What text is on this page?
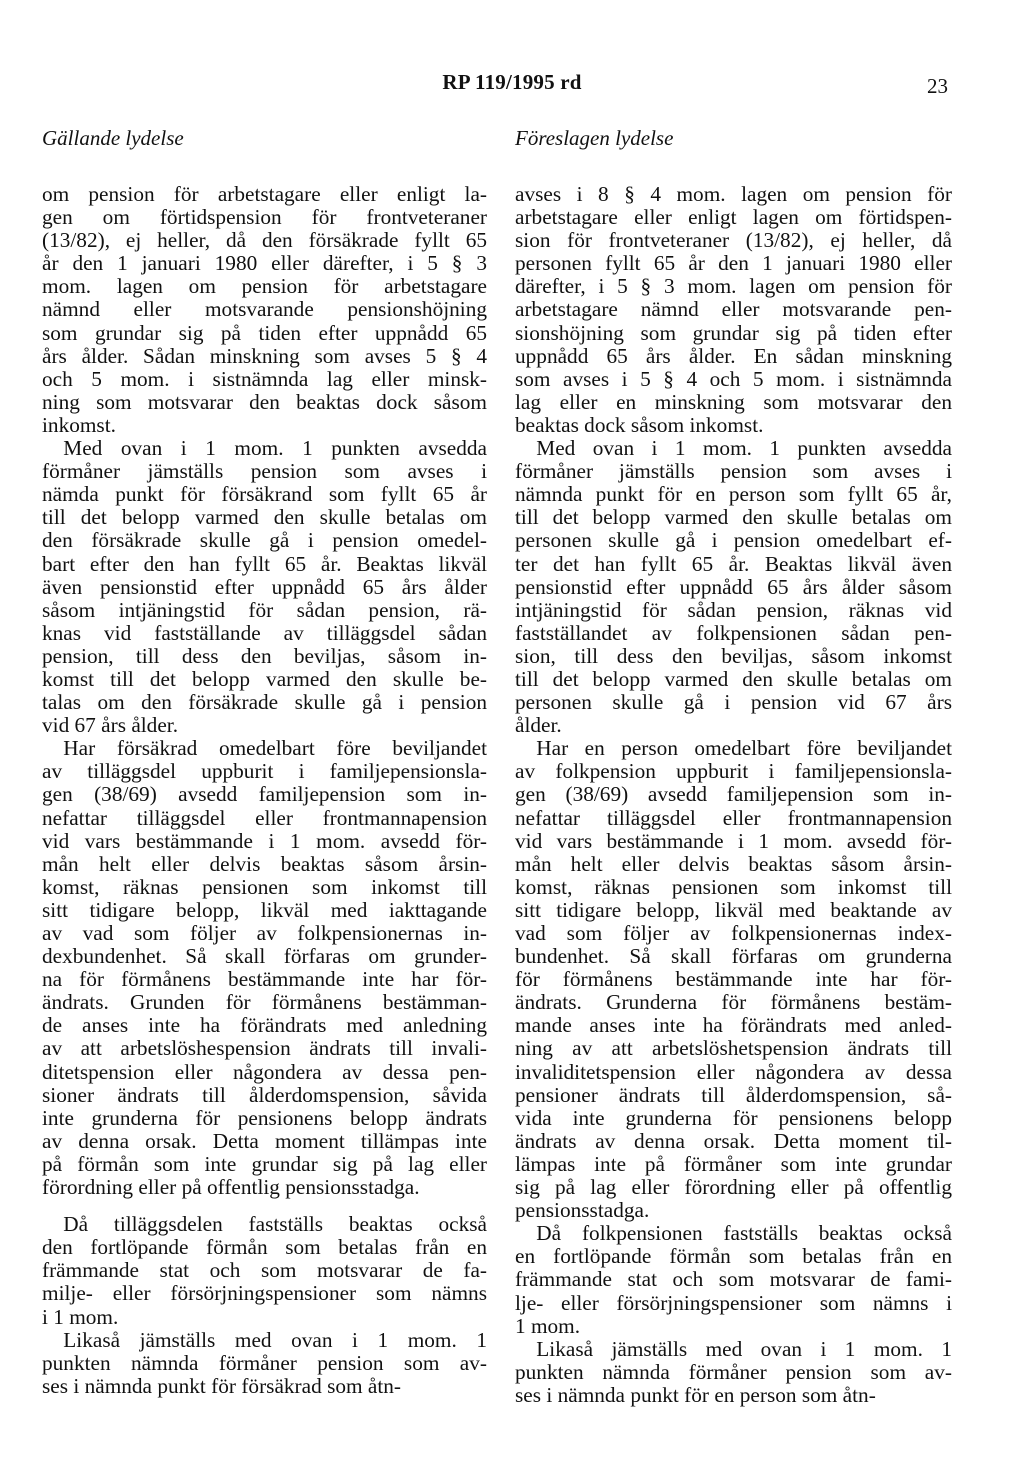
RP 119/1995 rd	23
Gällande lydelse	Föreslagen lydelse
om pension för arbetstagare eller enligt la-
gen om förtidspension för frontveteraner
(13/82), ej heller, då den försäkrade fyllt 65
år den 1 januari 1980 eller därefter, i 5 § 3
mom. lagen om pension för arbetstagare
nämnd eller motsvarande pensionshöjning
som grundar sig på tiden efter uppnådd 65
års ålder. Sådan minskning som avses 5 § 4
och 5 mom. i sistnämnda lag eller minsk-
ning som motsvarar den beaktas dock såsom
inkomst.
 Med ovan i 1 mom. 1 punkten avsedda
förmåner jämställs pension som avses i
nämda punkt för försäkrand som fyllt 65 år
till det belopp varmed den skulle betalas om
den försäkrade skulle gå i pension omedel-
bart efter den han fyllt 65 år. Beaktas likväl
även pensionstid efter uppnådd 65 års ålder
såsom intjäningstid för sådan pension, rä-
knas vid fastställande av tilläggsdel sådan
pension, till dess den beviljas, såsom in-
komst till det belopp varmed den skulle be-
talas om den försäkrade skulle gå i pension
vid 67 års ålder.
 Har försäkrad omedelbart före beviljandet
av tilläggsdel uppburit i familjepensionsla-
gen (38/69) avsedd familjepension som in-
nefattar tilläggsdel eller frontmannapension
vid vars bestämmande i 1 mom. avsedd för-
mån helt eller delvis beaktas såsom årsin-
komst, räknas pensionen som inkomst till
sitt tidigare belopp, likväl med iakttagande
av vad som följer av folkpensionernas in-
dexbundenhet. Så skall förfaras om grunder-
na för förmånens bestämmande inte har för-
ändrats. Grunden för förmånens bestämman-
de anses inte ha förändrats med anledning
av att arbetslöshespension ändrats till invali-
ditetspension eller någondera av dessa pen-
sioner ändrats till ålderdomspension, såvida
inte grunderna för pensionens belopp ändrats
av denna orsak. Detta moment tillämpas inte
på förmån som inte grundar sig på lag eller
förordning eller på offentlig pensionsstadga.
 Då tilläggsdelen fastställs beaktas också
den fortlöpande förmån som betalas från en
främmande stat och som motsvarar de fa-
milje- eller försörjningspensioner som nämns
i 1 mom.
 Likaså jämställs med ovan i 1 mom. 1
punkten nämnda förmåner pension som av-
ses i nämnda punkt för försäkrad som åtn-
avses i 8 § 4 mom. lagen om pension för
arbetstagare eller enligt lagen om förtidspen-
sion för frontveteraner (13/82), ej heller, då
personen fyllt 65 år den 1 januari 1980 eller
därefter, i 5 § 3 mom. lagen om pension för
arbetstagare nämnd eller motsvarande pen-
sionshöjning som grundar sig på tiden efter
uppnådd 65 års ålder. En sådan minskning
som avses i 5 § 4 och 5 mom. i sistnämnda
lag eller en minskning som motsvarar den
beaktas dock såsom inkomst.
 Med ovan i 1 mom. 1 punkten avsedda
förmåner jämställs pension som avses i
nämnda punkt för en person som fyllt 65 år,
till det belopp varmed den skulle betalas om
personen skulle gå i pension omedelbart ef-
ter det han fyllt 65 år. Beaktas likväl även
pensionstid efter uppnådd 65 års ålder såsom
intjäningstid för sådan pension, räknas vid
fastställandet av folkpensionen sådan pen-
sion, till dess den beviljas, såsom inkomst
till det belopp varmed den skulle betalas om
personen skulle gå i pension vid 67 års
ålder.
 Har en person omedelbart före beviljandet
av folkpension uppburit i familjepensionsla-
gen (38/69) avsedd familjepension som in-
nefattar tilläggsdel eller frontmannapension
vid vars bestämmande i 1 mom. avsedd för-
mån helt eller delvis beaktas såsom årsin-
komst, räknas pensionen som inkomst till
sitt tidigare belopp, likväl med beaktande av
vad som följer av folkpensionernas index-
bundenhet. Så skall förfaras om grunderna
för förmånens bestämmande inte har för-
ändrats. Grunderna för förmånens bestäm-
mande anses inte ha förändrats med anled-
ning av att arbetslöshetspension ändrats till
invaliditetspension eller någondera av dessa
pensioner ändrats till ålderdomspension, så-
vida inte grunderna för pensionens belopp
ändrats av denna orsak. Detta moment til-
lämpas inte på förmåner som inte grundar
sig på lag eller förordning eller på offentlig
pensionsstadga.
 Då folkpensionen fastställs beaktas också
en fortlöpande förmån som betalas från en
främmande stat och som motsvarar de fami-
lje- eller försörjningspensioner som nämns i
1 mom.
 Likaså jämställs med ovan i 1 mom. 1
punkten nämnda förmåner pension som av-
ses i nämnda punkt för en person som åtn-
